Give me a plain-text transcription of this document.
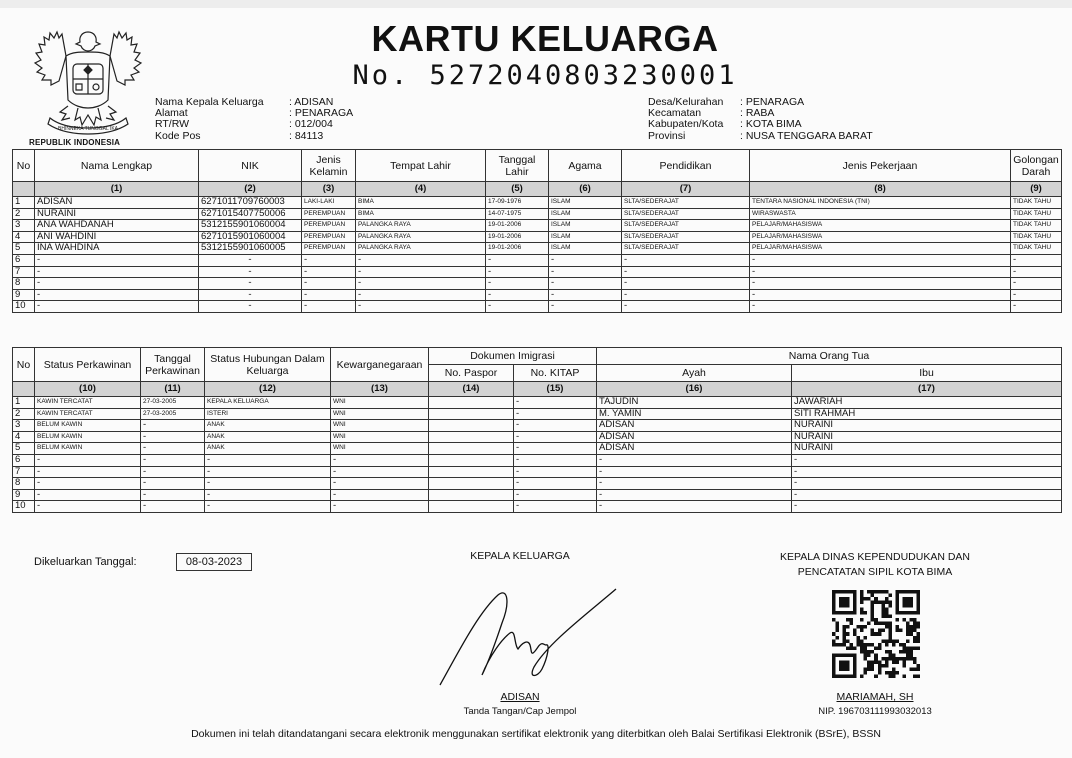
BHINNEKA TUNGGAL IKA
REPUBLIK INDONESIA
KARTU KELUARGA
No. 5272040803230001
Nama Kepala Keluarga	: ADISAN
Alamat	: PENARAGA
RT/RW	: 012/004
Kode Pos	: 84113
Desa/Kelurahan	: PENARAGA
Kecamatan	: RABA
Kabupaten/Kota	: KOTA BIMA
Provinsi	: NUSA TENGGARA BARAT
No	Nama Lengkap	NIK	Jenis Kelamin	Tempat Lahir	Tanggal Lahir	Agama	Pendidikan	Jenis Pekerjaan	Golongan Darah
	(1)	(2)	(3)	(4)	(5)	(6)	(7)	(8)	(9)
1	ADISAN	6271011709760003	LAKI-LAKI	BIMA	17-09-1976	ISLAM	SLTA/SEDERAJAT	TENTARA NASIONAL INDONESIA (TNI)	TIDAK TAHU
2	NURAINI	6271015407750006	PEREMPUAN	BIMA	14-07-1975	ISLAM	SLTA/SEDERAJAT	WIRASWASTA	TIDAK TAHU
3	ANA WAHDANAH	5312155901060004	PEREMPUAN	PALANGKA RAYA	19-01-2006	ISLAM	SLTA/SEDERAJAT	PELAJAR/MAHASISWA	TIDAK TAHU
4	ANI WAHDINI	6271015901060004	PEREMPUAN	PALANGKA RAYA	19-01-2006	ISLAM	SLTA/SEDERAJAT	PELAJAR/MAHASISWA	TIDAK TAHU
5	INA WAHDINA	5312155901060005	PEREMPUAN	PALANGKA RAYA	19-01-2006	ISLAM	SLTA/SEDERAJAT	PELAJAR/MAHASISWA	TIDAK TAHU
6	-	-	-	-	-	-	-	-	-
7	-	-	-	-	-	-	-	-	-
8	-	-	-	-	-	-	-	-	-
9	-	-	-	-	-	-	-	-	-
10	-	-	-	-	-	-	-	-	-
No	Status Perkawinan	Tanggal Perkawinan	Status Hubungan Dalam Keluarga	Kewarganegaraan	Dokumen Imigrasi		Nama Orang Tua	
					No. Paspor	No. KITAP	Ayah	Ibu
	(10)	(11)	(12)	(13)	(14)	(15)	(16)	(17)
1	KAWIN TERCATAT	27-03-2005	KEPALA KELUARGA	WNI		-	TAJUDIN	JAWARIAH
2	KAWIN TERCATAT	27-03-2005	ISTERI	WNI		-	M. YAMIN	SITI RAHMAH
3	BELUM KAWIN	-	ANAK	WNI		-	ADISAN	NURAINI
4	BELUM KAWIN	-	ANAK	WNI		-	ADISAN	NURAINI
5	BELUM KAWIN	-	ANAK	WNI		-	ADISAN	NURAINI
6	-	-	-	-		-	-	-
7	-	-	-	-		-	-	-
8	-	-	-	-		-	-	-
9	-	-	-	-		-	-	-
10	-	-	-	-		-	-	-
Dikeluarkan Tanggal:	08-03-2023	KEPALA KELUARGA	KEPALA DINAS KEPENDUDUKAN DAN
PENCATATAN SIPIL KOTA BIMA
ADISAN
Tanda Tangan/Cap Jempol
MARIAMAH, SH
NIP. 196703111993032013
Dokumen ini telah ditandatangani secara elektronik menggunakan sertifikat elektronik yang diterbitkan oleh Balai Sertifikasi Elektronik (BSrE), BSSN
